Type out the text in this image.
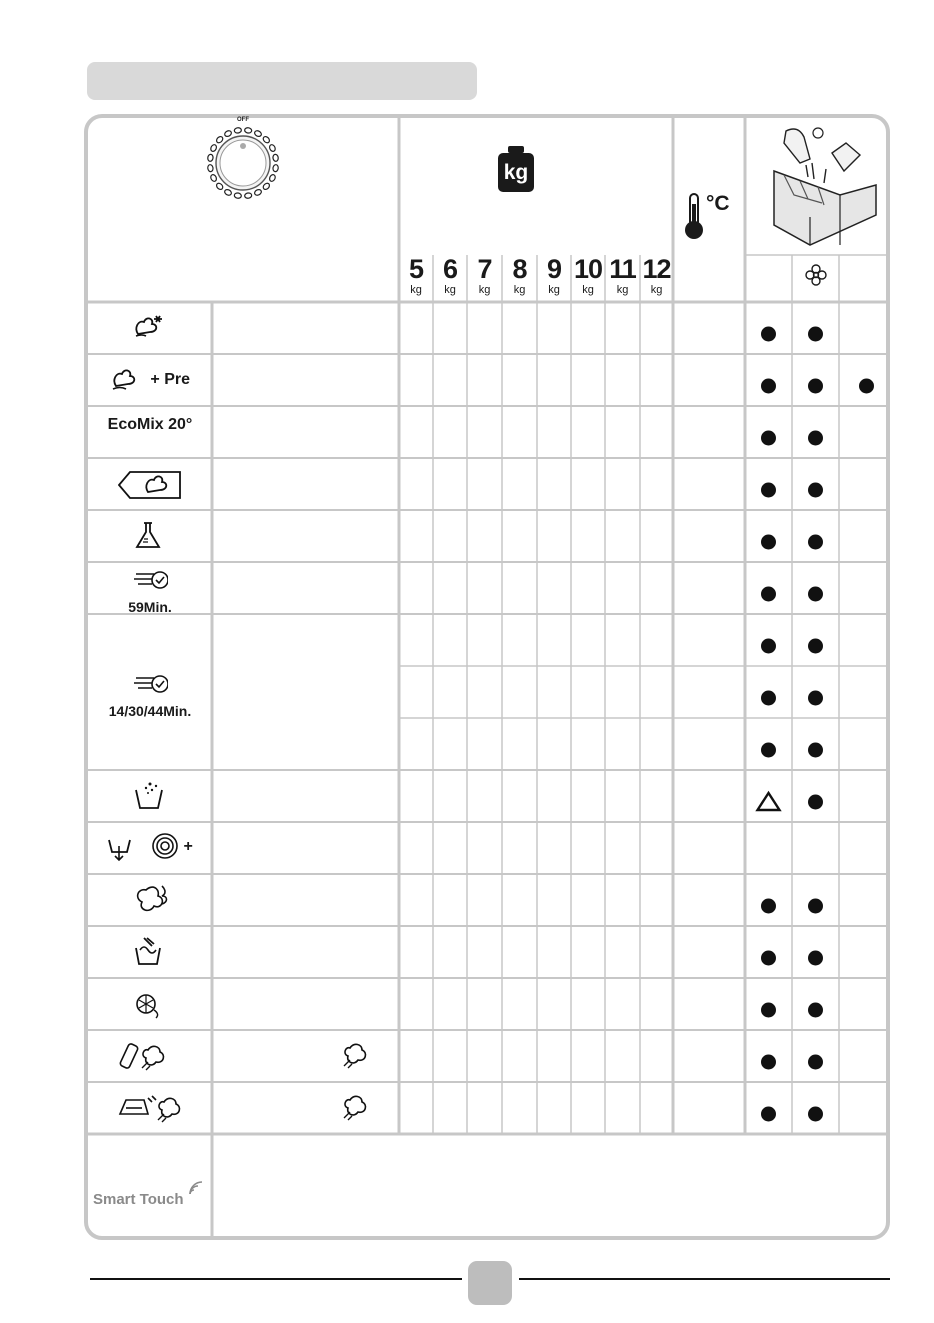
OFF
kg
°C
5
kg
6
kg
7
kg
8
kg
9
kg
10
kg
11
kg
12
kg
+ Pre
EcoMix 20°

59Min.

14/30/44Min.
+
Smart Touch
